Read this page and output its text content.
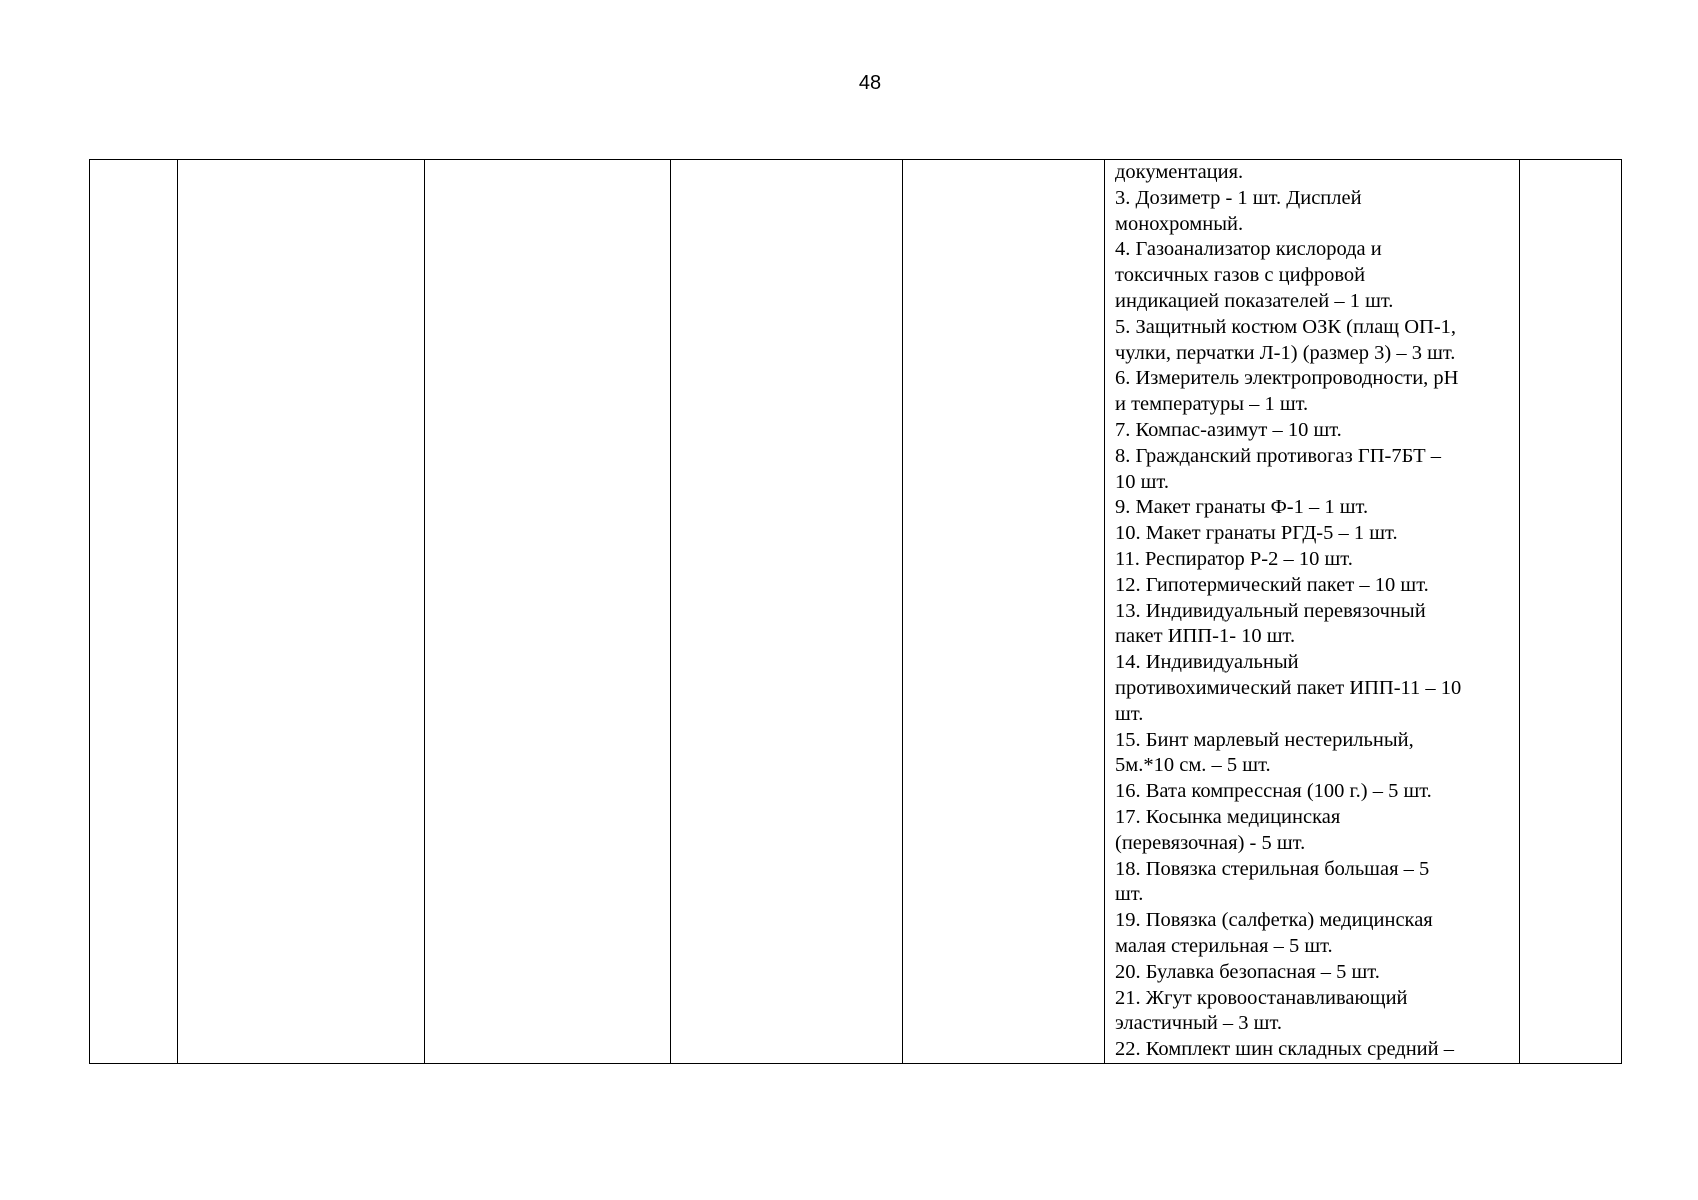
48

документация.
3. Дозиметр - 1 шт. Дисплей
монохромный.
4. Газоанализатор кислорода и
токсичных газов с цифровой
индикацией показателей – 1 шт.
5. Защитный костюм ОЗК (плащ ОП-1,
чулки, перчатки Л-1) (размер 3) – 3 шт.
6. Измеритель электропроводности, pH
и температуры – 1 шт.
7. Компас-азимут – 10 шт.
8. Гражданский противогаз ГП-7БТ –
10 шт.
9. Макет гранаты Ф-1 – 1 шт.
10. Макет гранаты РГД-5 – 1 шт.
11. Респиратор Р-2 – 10 шт.
12. Гипотермический пакет – 10 шт.
13. Индивидуальный перевязочный
пакет ИПП-1- 10 шт.
14. Индивидуальный
противохимический пакет ИПП-11 – 10
шт.
15. Бинт марлевый нестерильный,
5м.*10 см. – 5 шт.
16. Вата компрессная (100 г.) – 5 шт.
17. Косынка медицинская
(перевязочная) - 5 шт.
18. Повязка стерильная большая – 5
шт.
19. Повязка (салфетка) медицинская
малая стерильная – 5 шт.
20. Булавка безопасная – 5 шт.
21. Жгут кровоостанавливающий
эластичный – 3 шт.
22. Комплект шин складных средний –
